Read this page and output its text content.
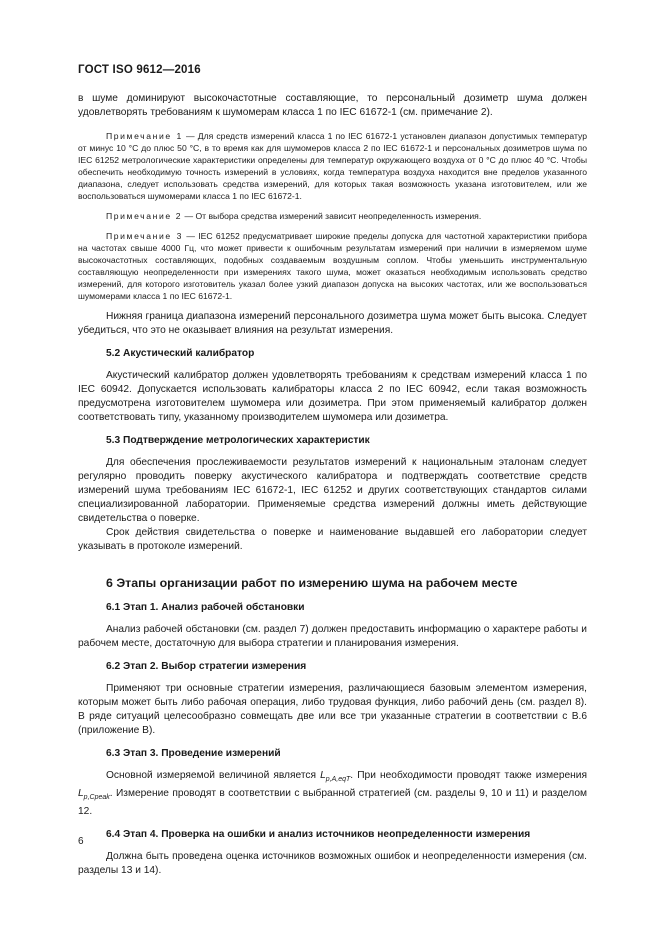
ГОСТ ISO 9612—2016

в шуме доминируют высокочастотные составляющие, то персональный дозиметр шума должен удовлетворять требованиям к шумомерам класса 1 по IEC 61672-1 (см. примечание 2).

Примечание 1 — Для средств измерений класса 1 по IEC 61672-1 установлен диапазон допустимых температур от минус 10 °С до плюс 50 °С, в то время как для шумомеров класса 2 по IEC 61672-1 и персональных дозиметров шума по IEC 61252 метрологические характеристики определены для температур окружающего воздуха от 0 °С до плюс 40 °С. Чтобы обеспечить необходимую точность измерений в условиях, когда температура воздуха находится вне пределов указанного диапазона, следует использовать средства измерений, для которых такая возможность указана изготовителем, или же воспользоваться шумомерами класса 1 по IEC 61672-1.

Примечание 2 — От выбора средства измерений зависит неопределенность измерения.

Примечание 3 — IEC 61252 предусматривает широкие пределы допуска для частотной характеристики прибора на частотах свыше 4000 Гц, что может привести к ошибочным результатам измерений при наличии в измеряемом шуме высокочастотных составляющих, подобных создаваемым воздушным соплом. Чтобы уменьшить инструментальную составляющую неопределенности при измерениях такого шума, может оказаться необходимым использовать средство измерений, для которого изготовитель указал более узкий диапазон допуска на высоких частотах, или же воспользоваться шумомерами класса 1 по IEC 61672-1.

Нижняя граница диапазона измерений персонального дозиметра шума может быть высока. Следует убедиться, что это не оказывает влияния на результат измерения.

5.2 Акустический калибратор

Акустический калибратор должен удовлетворять требованиям к средствам измерений класса 1 по IEC 60942. Допускается использовать калибраторы класса 2 по IEC 60942, если такая возможность предусмотрена изготовителем шумомера или дозиметра. При этом применяемый калибратор должен соответствовать типу, указанному производителем шумомера или дозиметра.

5.3 Подтверждение метрологических характеристик

Для обеспечения прослеживаемости результатов измерений к национальным эталонам следует регулярно проводить поверку акустического калибратора и подтверждать соответствие средств измерений шума требованиям IEC 61672-1, IEC 61252 и других соответствующих стандартов силами специализированной лаборатории. Применяемые средства измерений должны иметь действующие свидетельства о поверке.

Срок действия свидетельства о поверке и наименование выдавшей его лаборатории следует указывать в протоколе измерений.

6 Этапы организации работ по измерению шума на рабочем месте
6.1 Этап 1. Анализ рабочей обстановки

Анализ рабочей обстановки (см. раздел 7) должен предоставить информацию о характере работы и рабочем месте, достаточную для выбора стратегии и планирования измерения.

6.2 Этап 2. Выбор стратегии измерения

Применяют три основные стратегии измерения, различающиеся базовым элементом измерения, которым может быть либо рабочая операция, либо трудовая функция, либо рабочий день (см. раздел 8). В ряде ситуаций целесообразно совмещать две или все три указанные стратегии в соответствии с В.6 (приложение В).

6.3 Этап 3. Проведение измерений

Основной измеряемой величиной является $L_{p,A,eqT}$. При необходимости проводят также измерения $L_{p,Cpeak}$. Измерение проводят в соответствии с выбранной стратегией (см. разделы 9, 10 и 11) и разделом 12.

6.4 Этап 4. Проверка на ошибки и анализ источников неопределенности измерения

Должна быть проведена оценка источников возможных ошибок и неопределенности измерения (см. разделы 13 и 14).

6
